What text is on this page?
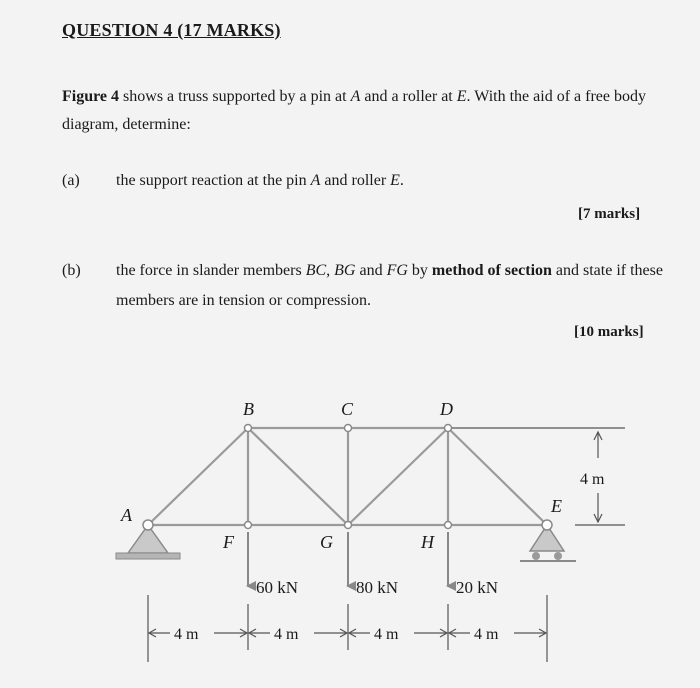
QUESTION 4 (17 MARKS)
Figure 4 shows a truss supported by a pin at A and a roller at E. With the aid of a free body diagram, determine:
(a) the support reaction at the pin A and roller E.
[7 marks]
(b) the force in slander members BC, BG and FG by method of section and state if these members are in tension or compression.
[10 marks]
B	C	D
A	E
F	G	H
60 kN	80 kN	20 kN
4 m
4 m	4 m	4 m	4 m
